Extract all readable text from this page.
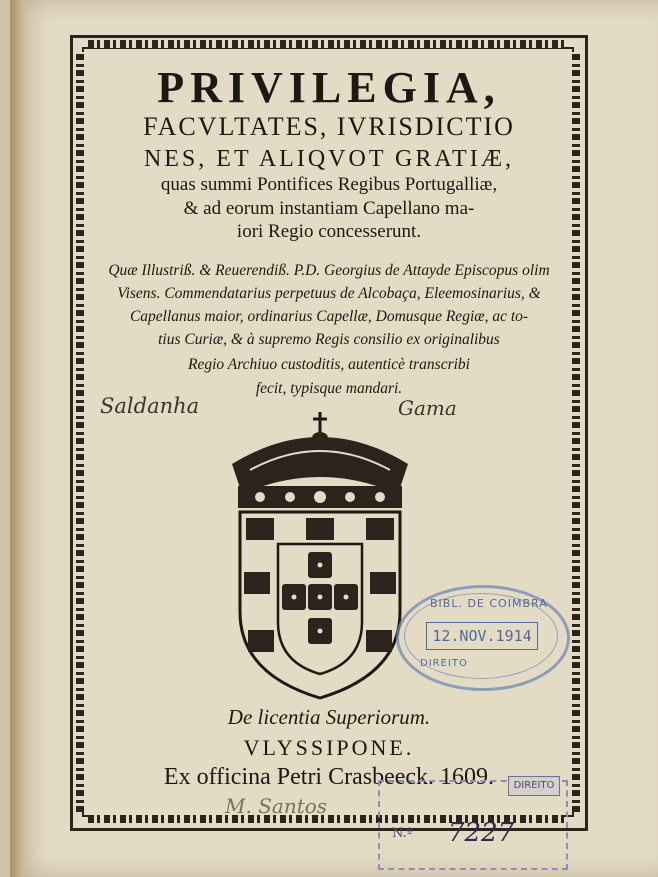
PRIVILEGIA,
FACVLTATES, IVRISDICTIO
NES, ET ALIQVOT GRATIÆ,
quas summi Pontifices Regibus Portugalliæ,
& ad eorum instantiam Capellano ma-
iori Regio concesserunt.
Quæ Illustriß. & Reuerendiß. P.D. Georgius de Attayde Episcopus olim
Visens. Commendatarius perpetuus de Alcobaça, Eleemosinarius, &
Capellanus maior, ordinarius Capellæ, Domusque Regiæ, ac to-
tius Curiæ, & à supremo Regis consilio ex originalibus
Regio Archiuo custoditis, autenticè transcribi
fecit, typisque mandari.
Saldanha	Gama
BIBL. DE COIMBRA
12.NOV.1914
DIREITO
De licentia Superiorum.
VLYSSIPONE.
Ex officina Petri Crasbeeck. 1609.
M. Santos
DIREITO
N.º 7227
